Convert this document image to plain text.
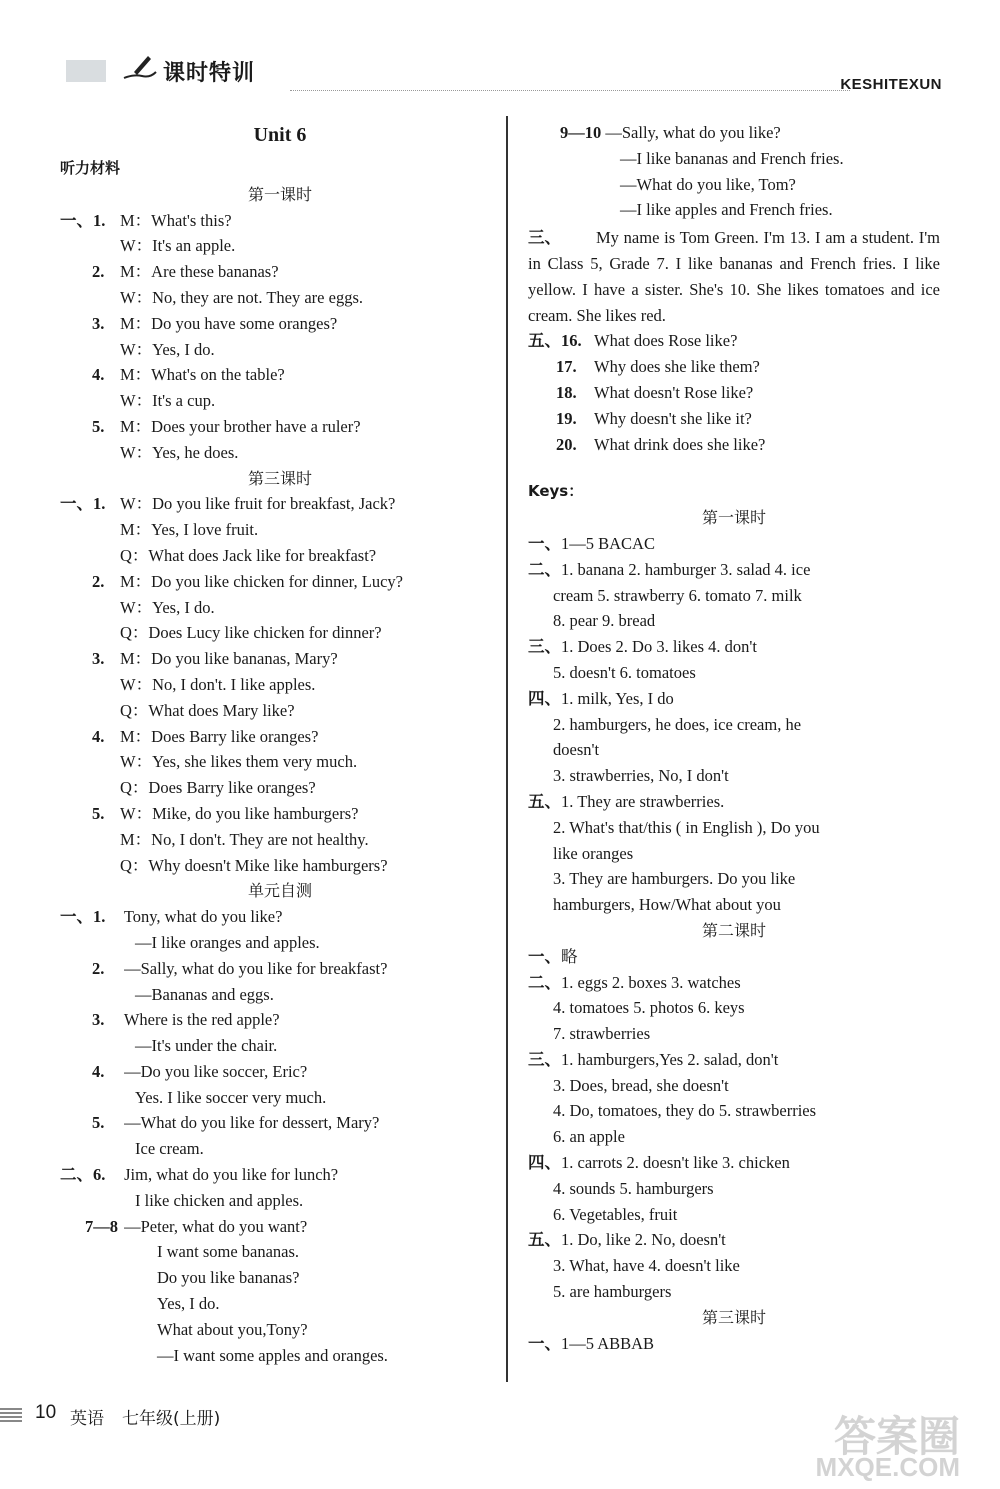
课时特训	KESHITEXUN
Unit 6
听力材料
第一课时
一、1. M：What's this?
W：It's an apple.
2. M：Are these bananas?
W：No, they are not. They are eggs.
3. M：Do you have some oranges?
W：Yes, I do.
4. M：What's on the table?
W：It's a cup.
5. M：Does your brother have a ruler?
W：Yes, he does.
第三课时
一、1. W：Do you like fruit for breakfast, Jack?
M：Yes, I love fruit.
Q：What does Jack like for breakfast?
2. M：Do you like chicken for dinner, Lucy?
W：Yes, I do.
Q：Does Lucy like chicken for dinner?
3. M：Do you like bananas, Mary?
W：No, I don't. I like apples.
Q：What does Mary like?
4. M：Does Barry like oranges?
W：Yes, she likes them very much.
Q：Does Barry like oranges?
5. W：Mike, do you like hamburgers?
M：No, I don't. They are not healthy.
Q：Why doesn't Mike like hamburgers?
单元自测
一、1. Tony, what do you like?
—I like oranges and apples.
2. —Sally, what do you like for breakfast?
—Bananas and eggs.
3. Where is the red apple?
—It's under the chair.
4. —Do you like soccer, Eric?
Yes. I like soccer very much.
5. —What do you like for dessert, Mary?
Ice cream.
二、6. Jim, what do you like for lunch?
I like chicken and apples.
7—8 —Peter, what do you want?
I want some bananas.
Do you like bananas?
Yes, I do.
What about you,Tony?
—I want some apples and oranges.
9—10 —Sally, what do you like?
—I like bananas and French fries.
—What do you like, Tom?
—I like apples and French fries.
三、 My name is Tom Green. I'm 13. I am a student. I'm in Class 5, Grade 7. I like bananas and French fries. I like yellow. I have a sister. She's 10. She likes tomatoes and ice cream. She likes red.
五、16. What does Rose like?
17. Why does she like them?
18. What doesn't Rose like?
19. Why doesn't she like it?
20. What drink does she like?
Keys：
第一课时
一、1—5 BACAC
二、1. banana 2. hamburger 3. salad 4. ice
cream 5. strawberry 6. tomato 7. milk
8. pear 9. bread
三、1. Does 2. Do 3. likes 4. don't
5. doesn't 6. tomatoes
四、1. milk, Yes, I do
2. hamburgers, he does, ice cream, he
doesn't
3. strawberries, No, I don't
五、1. They are strawberries.
2. What's that/this ( in English ), Do you
like oranges
3. They are hamburgers. Do you like
hamburgers, How/What about you
第二课时
一、略
二、1. eggs 2. boxes 3. watches
4. tomatoes 5. photos 6. keys
7. strawberries
三、1. hamburgers,Yes 2. salad, don't
3. Does, bread, she doesn't
4. Do, tomatoes, they do 5. strawberries
6. an apple
四、1. carrots 2. doesn't like 3. chicken
4. sounds 5. hamburgers
6. Vegetables, fruit
五、1. Do, like 2. No, doesn't
3. What, have 4. doesn't like
5. are hamburgers
第三课时
一、1—5 ABBAB
10 英语 七年级(上册)	答案圈
MXQE.COM
